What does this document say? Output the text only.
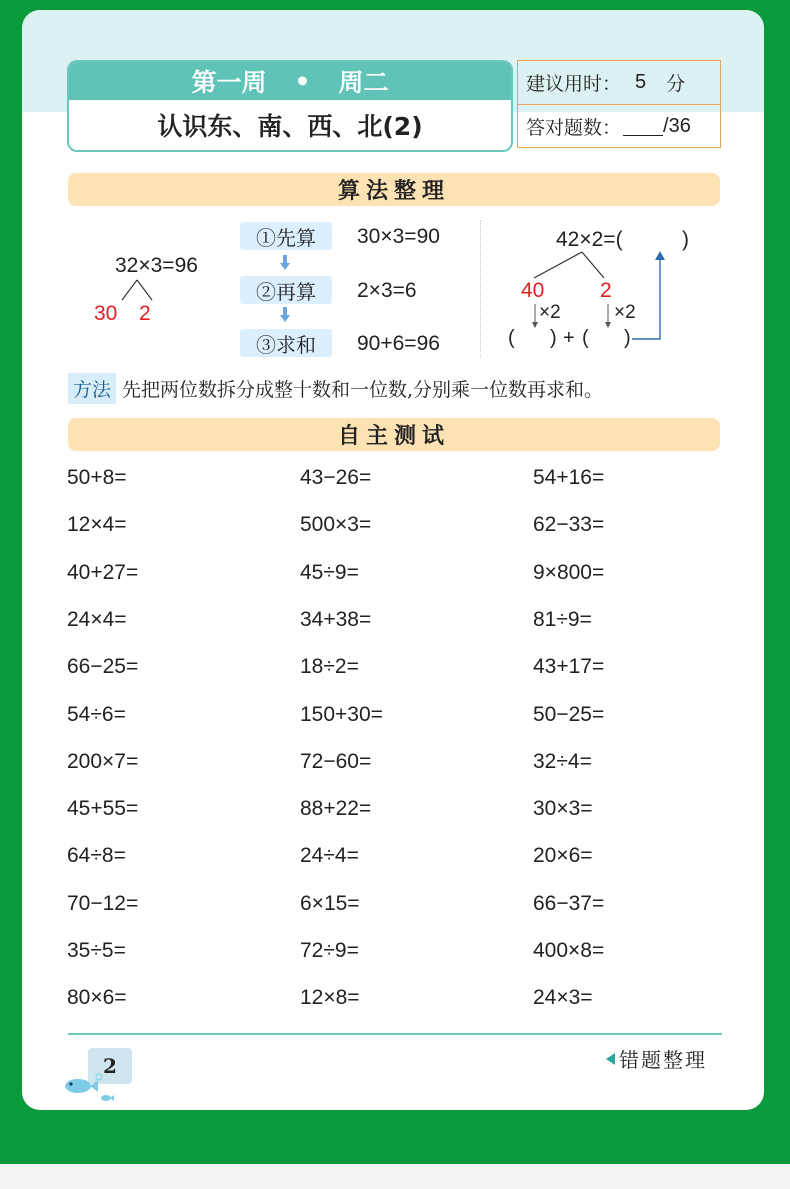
第一周 • 周二
认识东、南、西、北(2)
建议用时： 5 分
答对题数： /36
算法整理
32×3=96
30 2
①先算	30×3=90
②再算	2×3=6
③求和	90+6=96
42×2=(	)
40	2
×2	×2
( ) + ( )
方法 先把两位数拆分成整十数和一位数,分别乘一位数再求和。
自主测试
50+8=	43−26=	54+16=
12×4=	500×3=	62−33=
40+27=	45÷9=	9×800=
24×4=	34+38=	81÷9=
66−25=	18÷2=	43+17=
54÷6=	150+30=	50−25=
200×7=	72−60=	32÷4=
45+55=	88+22=	30×3=
64÷8=	24÷4=	20×6=
70−12=	6×15=	66−37=
35÷5=	72÷9=	400×8=
80×6=	12×8=	24×3=
2	错题整理
